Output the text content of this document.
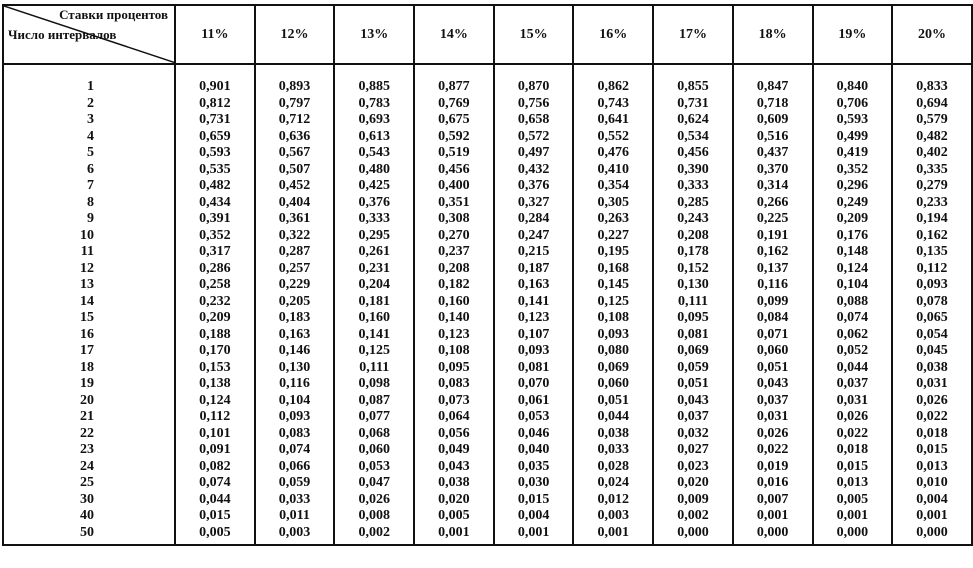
Ставки процентов
Число интервалов	11%	12%	13%	14%	15%	16%	17%	18%	19%	20%
1	0,901	0,893	0,885	0,877	0,870	0,862	0,855	0,847	0,840	0,833
2	0,812	0,797	0,783	0,769	0,756	0,743	0,731	0,718	0,706	0,694
3	0,731	0,712	0,693	0,675	0,658	0,641	0,624	0,609	0,593	0,579
4	0,659	0,636	0,613	0,592	0,572	0,552	0,534	0,516	0,499	0,482
5	0,593	0,567	0,543	0,519	0,497	0,476	0,456	0,437	0,419	0,402
6	0,535	0,507	0,480	0,456	0,432	0,410	0,390	0,370	0,352	0,335
7	0,482	0,452	0,425	0,400	0,376	0,354	0,333	0,314	0,296	0,279
8	0,434	0,404	0,376	0,351	0,327	0,305	0,285	0,266	0,249	0,233
9	0,391	0,361	0,333	0,308	0,284	0,263	0,243	0,225	0,209	0,194
10	0,352	0,322	0,295	0,270	0,247	0,227	0,208	0,191	0,176	0,162
11	0,317	0,287	0,261	0,237	0,215	0,195	0,178	0,162	0,148	0,135
12	0,286	0,257	0,231	0,208	0,187	0,168	0,152	0,137	0,124	0,112
13	0,258	0,229	0,204	0,182	0,163	0,145	0,130	0,116	0,104	0,093
14	0,232	0,205	0,181	0,160	0,141	0,125	0,111	0,099	0,088	0,078
15	0,209	0,183	0,160	0,140	0,123	0,108	0,095	0,084	0,074	0,065
16	0,188	0,163	0,141	0,123	0,107	0,093	0,081	0,071	0,062	0,054
17	0,170	0,146	0,125	0,108	0,093	0,080	0,069	0,060	0,052	0,045
18	0,153	0,130	0,111	0,095	0,081	0,069	0,059	0,051	0,044	0,038
19	0,138	0,116	0,098	0,083	0,070	0,060	0,051	0,043	0,037	0,031
20	0,124	0,104	0,087	0,073	0,061	0,051	0,043	0,037	0,031	0,026
21	0,112	0,093	0,077	0,064	0,053	0,044	0,037	0,031	0,026	0,022
22	0,101	0,083	0,068	0,056	0,046	0,038	0,032	0,026	0,022	0,018
23	0,091	0,074	0,060	0,049	0,040	0,033	0,027	0,022	0,018	0,015
24	0,082	0,066	0,053	0,043	0,035	0,028	0,023	0,019	0,015	0,013
25	0,074	0,059	0,047	0,038	0,030	0,024	0,020	0,016	0,013	0,010
30	0,044	0,033	0,026	0,020	0,015	0,012	0,009	0,007	0,005	0,004
40	0,015	0,011	0,008	0,005	0,004	0,003	0,002	0,001	0,001	0,001
50	0,005	0,003	0,002	0,001	0,001	0,001	0,000	0,000	0,000	0,000
